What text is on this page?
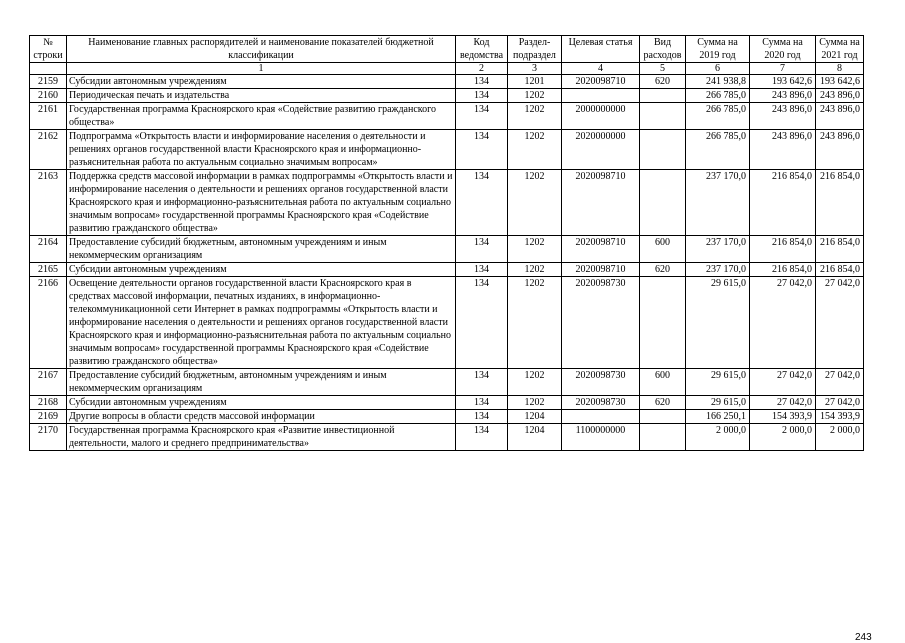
№ строки	Наименование главных распорядителей и наименование показателей бюджетной классификации	Код ведомства	Раздел-подраздел	Целевая статья	Вид расходов	Сумма на 2019 год	Сумма на 2020 год	Сумма на 2021 год
	1	2	3	4	5	6	7	8
2159	Субсидии автономным учреждениям	134	1201	2020098710	620	241 938,8	193 642,6	193 642,6
2160	Периодическая печать и издательства	134	1202			266 785,0	243 896,0	243 896,0
2161	Государственная программа Красноярского края «Содействие развитию гражданского общества»	134	1202	2000000000		266 785,0	243 896,0	243 896,0
2162	Подпрограмма «Открытость власти и информирование населения о деятельности и решениях органов государственной власти Красноярского края и информационно-разъяснительная работа по актуальным социально значимым вопросам»	134	1202	2020000000		266 785,0	243 896,0	243 896,0
2163	Поддержка средств массовой информации в рамках подпрограммы «Открытость власти и информирование населения о деятельности и решениях органов государственной власти Красноярского края и информационно-разъяснительная работа по актуальным социально значимым вопросам» государственной программы Красноярского края «Содействие развитию гражданского общества»	134	1202	2020098710		237 170,0	216 854,0	216 854,0
2164	Предоставление субсидий бюджетным, автономным учреждениям и иным некоммерческим организациям	134	1202	2020098710	600	237 170,0	216 854,0	216 854,0
2165	Субсидии автономным учреждениям	134	1202	2020098710	620	237 170,0	216 854,0	216 854,0
2166	Освещение деятельности органов государственной власти Красноярского края в средствах массовой информации, печатных изданиях, в информационно-телекоммуникационной сети Интернет в рамках подпрограммы «Открытость власти и информирование населения о деятельности и решениях органов государственной власти Красноярского края и информационно-разъяснительная работа по актуальным социально значимым вопросам» государственной программы Красноярского края «Содействие развитию гражданского общества»	134	1202	2020098730		29 615,0	27 042,0	27 042,0
2167	Предоставление субсидий бюджетным, автономным учреждениям и иным некоммерческим организациям	134	1202	2020098730	600	29 615,0	27 042,0	27 042,0
2168	Субсидии автономным учреждениям	134	1202	2020098730	620	29 615,0	27 042,0	27 042,0
2169	Другие вопросы в области средств массовой информации	134	1204			166 250,1	154 393,9	154 393,9
2170	Государственная программа Красноярского края «Развитие инвестиционной деятельности, малого и среднего предпринимательства»	134	1204	1100000000		2 000,0	2 000,0	2 000,0
243
